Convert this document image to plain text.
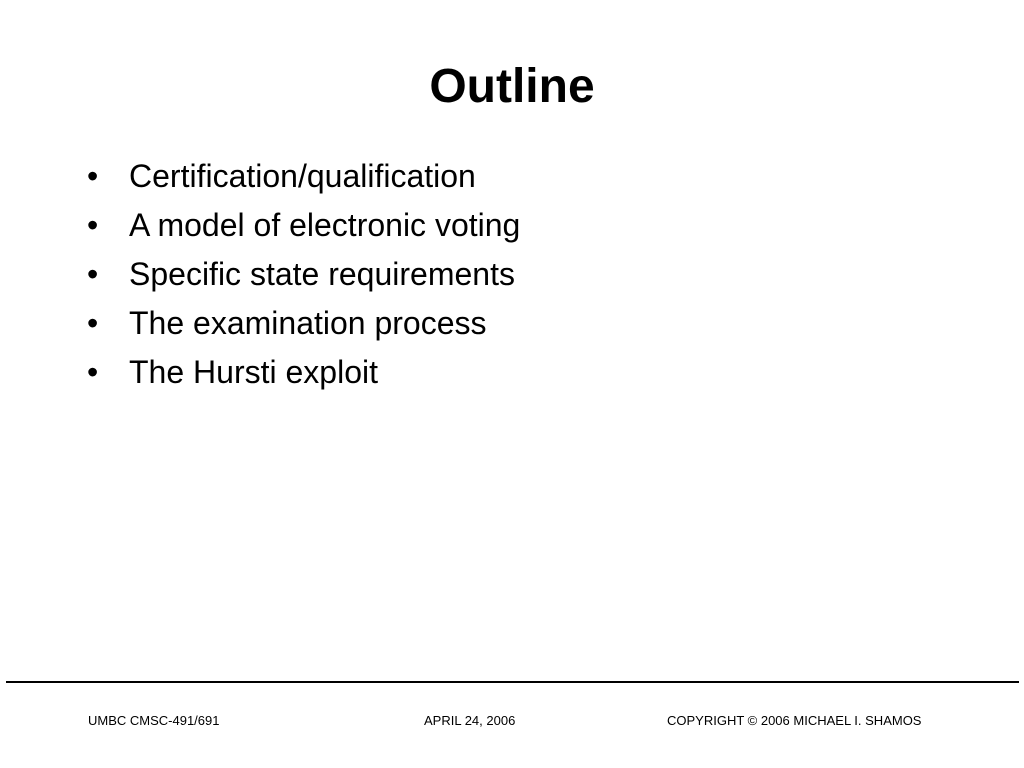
Outline
• Certification/qualification
• A model of electronic voting
• Specific state requirements
• The examination process
• The Hursti exploit
UMBC CMSC-491/691	APRIL 24, 2006	COPYRIGHT © 2006 MICHAEL I. SHAMOS
